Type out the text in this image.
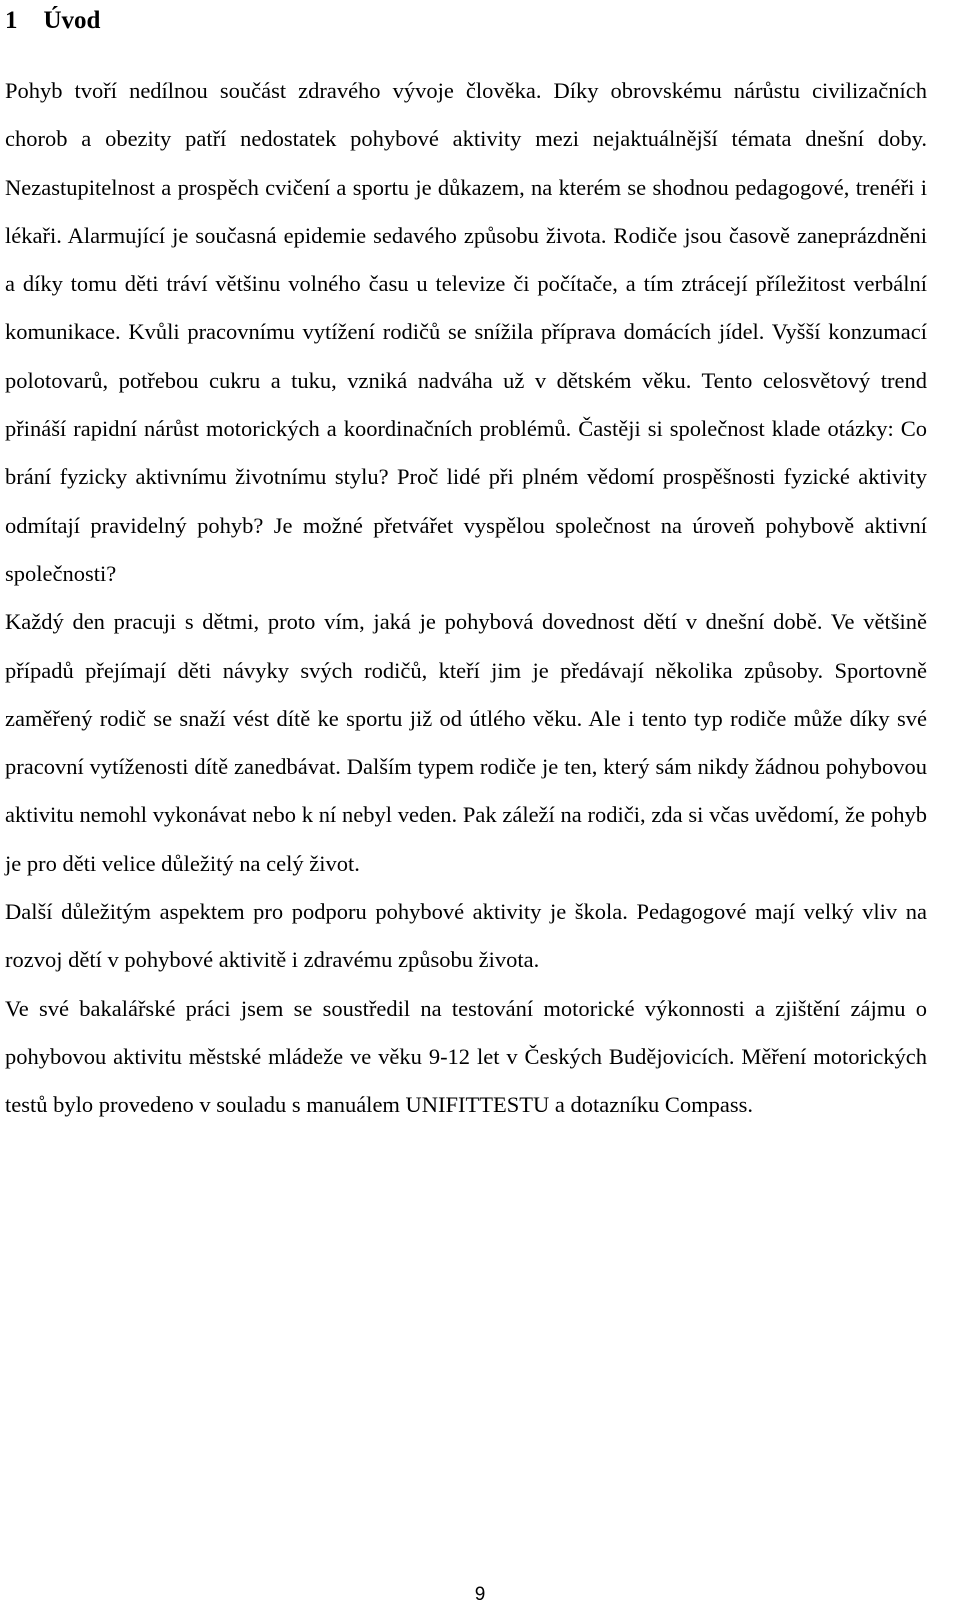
1 Úvod

Pohyb tvoří nedílnou součást zdravého vývoje člověka. Díky obrovskému nárůstu civilizačních chorob a obezity patří nedostatek pohybové aktivity mezi nejaktuálnější témata dnešní doby. Nezastupitelnost a prospěch cvičení a sportu je důkazem, na kterém se shodnou pedagogové, trenéři i lékaři. Alarmující je současná epidemie sedavého způsobu života. Rodiče jsou časově zaneprázdněni a díky tomu děti tráví většinu volného času u televize či počítače, a tím ztrácejí příležitost verbální komunikace. Kvůli pracovnímu vytížení rodičů se snížila příprava domácích jídel. Vyšší konzumací polotovarů, potřebou cukru a tuku, vzniká nadváha už v dětském věku. Tento celosvětový trend přináší rapidní nárůst motorických a koordinačních problémů. Častěji si společnost klade otázky: Co brání fyzicky aktivnímu životnímu stylu? Proč lidé při plném vědomí prospěšnosti fyzické aktivity odmítají pravidelný pohyb? Je možné přetvářet vyspělou společnost na úroveň pohybově aktivní společnosti?

Každý den pracuji s dětmi, proto vím, jaká je pohybová dovednost dětí v dnešní době. Ve většině případů přejímají děti návyky svých rodičů, kteří jim je předávají několika způsoby. Sportovně zaměřený rodič se snaží vést dítě ke sportu již od útlého věku. Ale i tento typ rodiče může díky své pracovní vytíženosti dítě zanedbávat. Dalším typem rodiče je ten, který sám nikdy žádnou pohybovou aktivitu nemohl vykonávat nebo k ní nebyl veden. Pak záleží na rodiči, zda si včas uvědomí, že pohyb je pro děti velice důležitý na celý život.

Další důležitým aspektem pro podporu pohybové aktivity je škola. Pedagogové mají velký vliv na rozvoj dětí v pohybové aktivitě i zdravému způsobu života.

Ve své bakalářské práci jsem se soustředil na testování motorické výkonnosti a zjištění zájmu o pohybovou aktivitu městské mládeže ve věku 9-12 let v Českých Budějovicích. Měření motorických testů bylo provedeno v souladu s manuálem UNIFITTESTU a dotazníku Compass.

9
